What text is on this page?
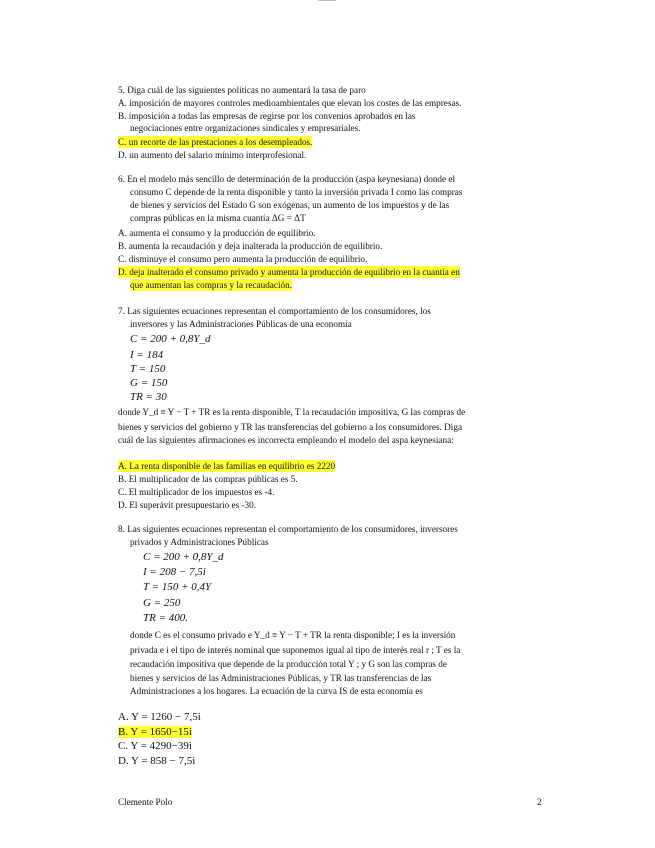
5. Diga cuál de las siguientes políticas no aumentará la tasa de paro
A. imposición de mayores controles medioambientales que elevan los costes de las empresas.
B. imposición a todas las empresas de regirse por los convenios aprobados en las
negociaciones entre organizaciones sindicales y empresariales.
C. un recorte de las prestaciones a los desempleados.
D. un aumento del salario mínimo interprofesional.
6. En el modelo más sencillo de determinación de la producción (aspa keynesiana) donde el
consumo C depende de la renta disponible y tanto la inversión privada I como las compras
de bienes y servicios del Estado G son exógenas, un aumento de los impuestos y de las
compras públicas en la misma cuantía ΔG = ΔT
A. aumenta el consumo y la producción de equilibrio.
B. aumenta la recaudación y deja inalterada la producción de equilibrio.
C. disminuye el consumo pero aumenta la producción de equilibrio.
D. deja inalterado el consumo privado y aumenta la producción de equilibrio en la cuantía en
que aumentan las compras y la recaudación.
7. Las siguientes ecuaciones representan el comportamiento de los consumidores, los
inversores y las Administraciones Públicas de una economía
C = 200 + 0,8Y_d
I = 184
T = 150
G = 150
TR = 30
donde Y_d ≡ Y − T + TR es la renta disponible, T la recaudación impositiva, G las compras de
bienes y servicios del gobierno y TR las transferencias del gobierno a los consumidores. Diga
cuál de las siguientes afirmaciones es incorrecta empleando el modelo del aspa keynesiana:
A. La renta disponible de las familias en equilibrio es 2220
B. El multiplicador de las compras públicas es 5.
C. El multiplicador de los impuestos es -4.
D. El superávit presupuestario es -30.
8. Las siguientes ecuaciones representan el comportamiento de los consumidores, inversores
privados y Administraciones Públicas
C = 200 + 0,8Y_d
I = 208 − 7,5i
T = 150 + 0,4Y
G = 250
TR = 400.
donde C es el consumo privado e Y_d ≡ Y − T + TR la renta disponible; I es la inversión
privada e i el tipo de interés nominal que suponemos igual al tipo de interés real r ; T es la
recaudación impositiva que depende de la producción total Y ; y G son las compras de
bienes y servicios de las Administraciones Públicas, y TR las transferencias de las
Administraciones a los hogares. La ecuación de la curva IS de esta economía es
A. Y = 1260 − 7,5i
B. Y = 1650−15i
C. Y = 4290−39i
D. Y = 858 − 7,5i
Clemente Polo	2
